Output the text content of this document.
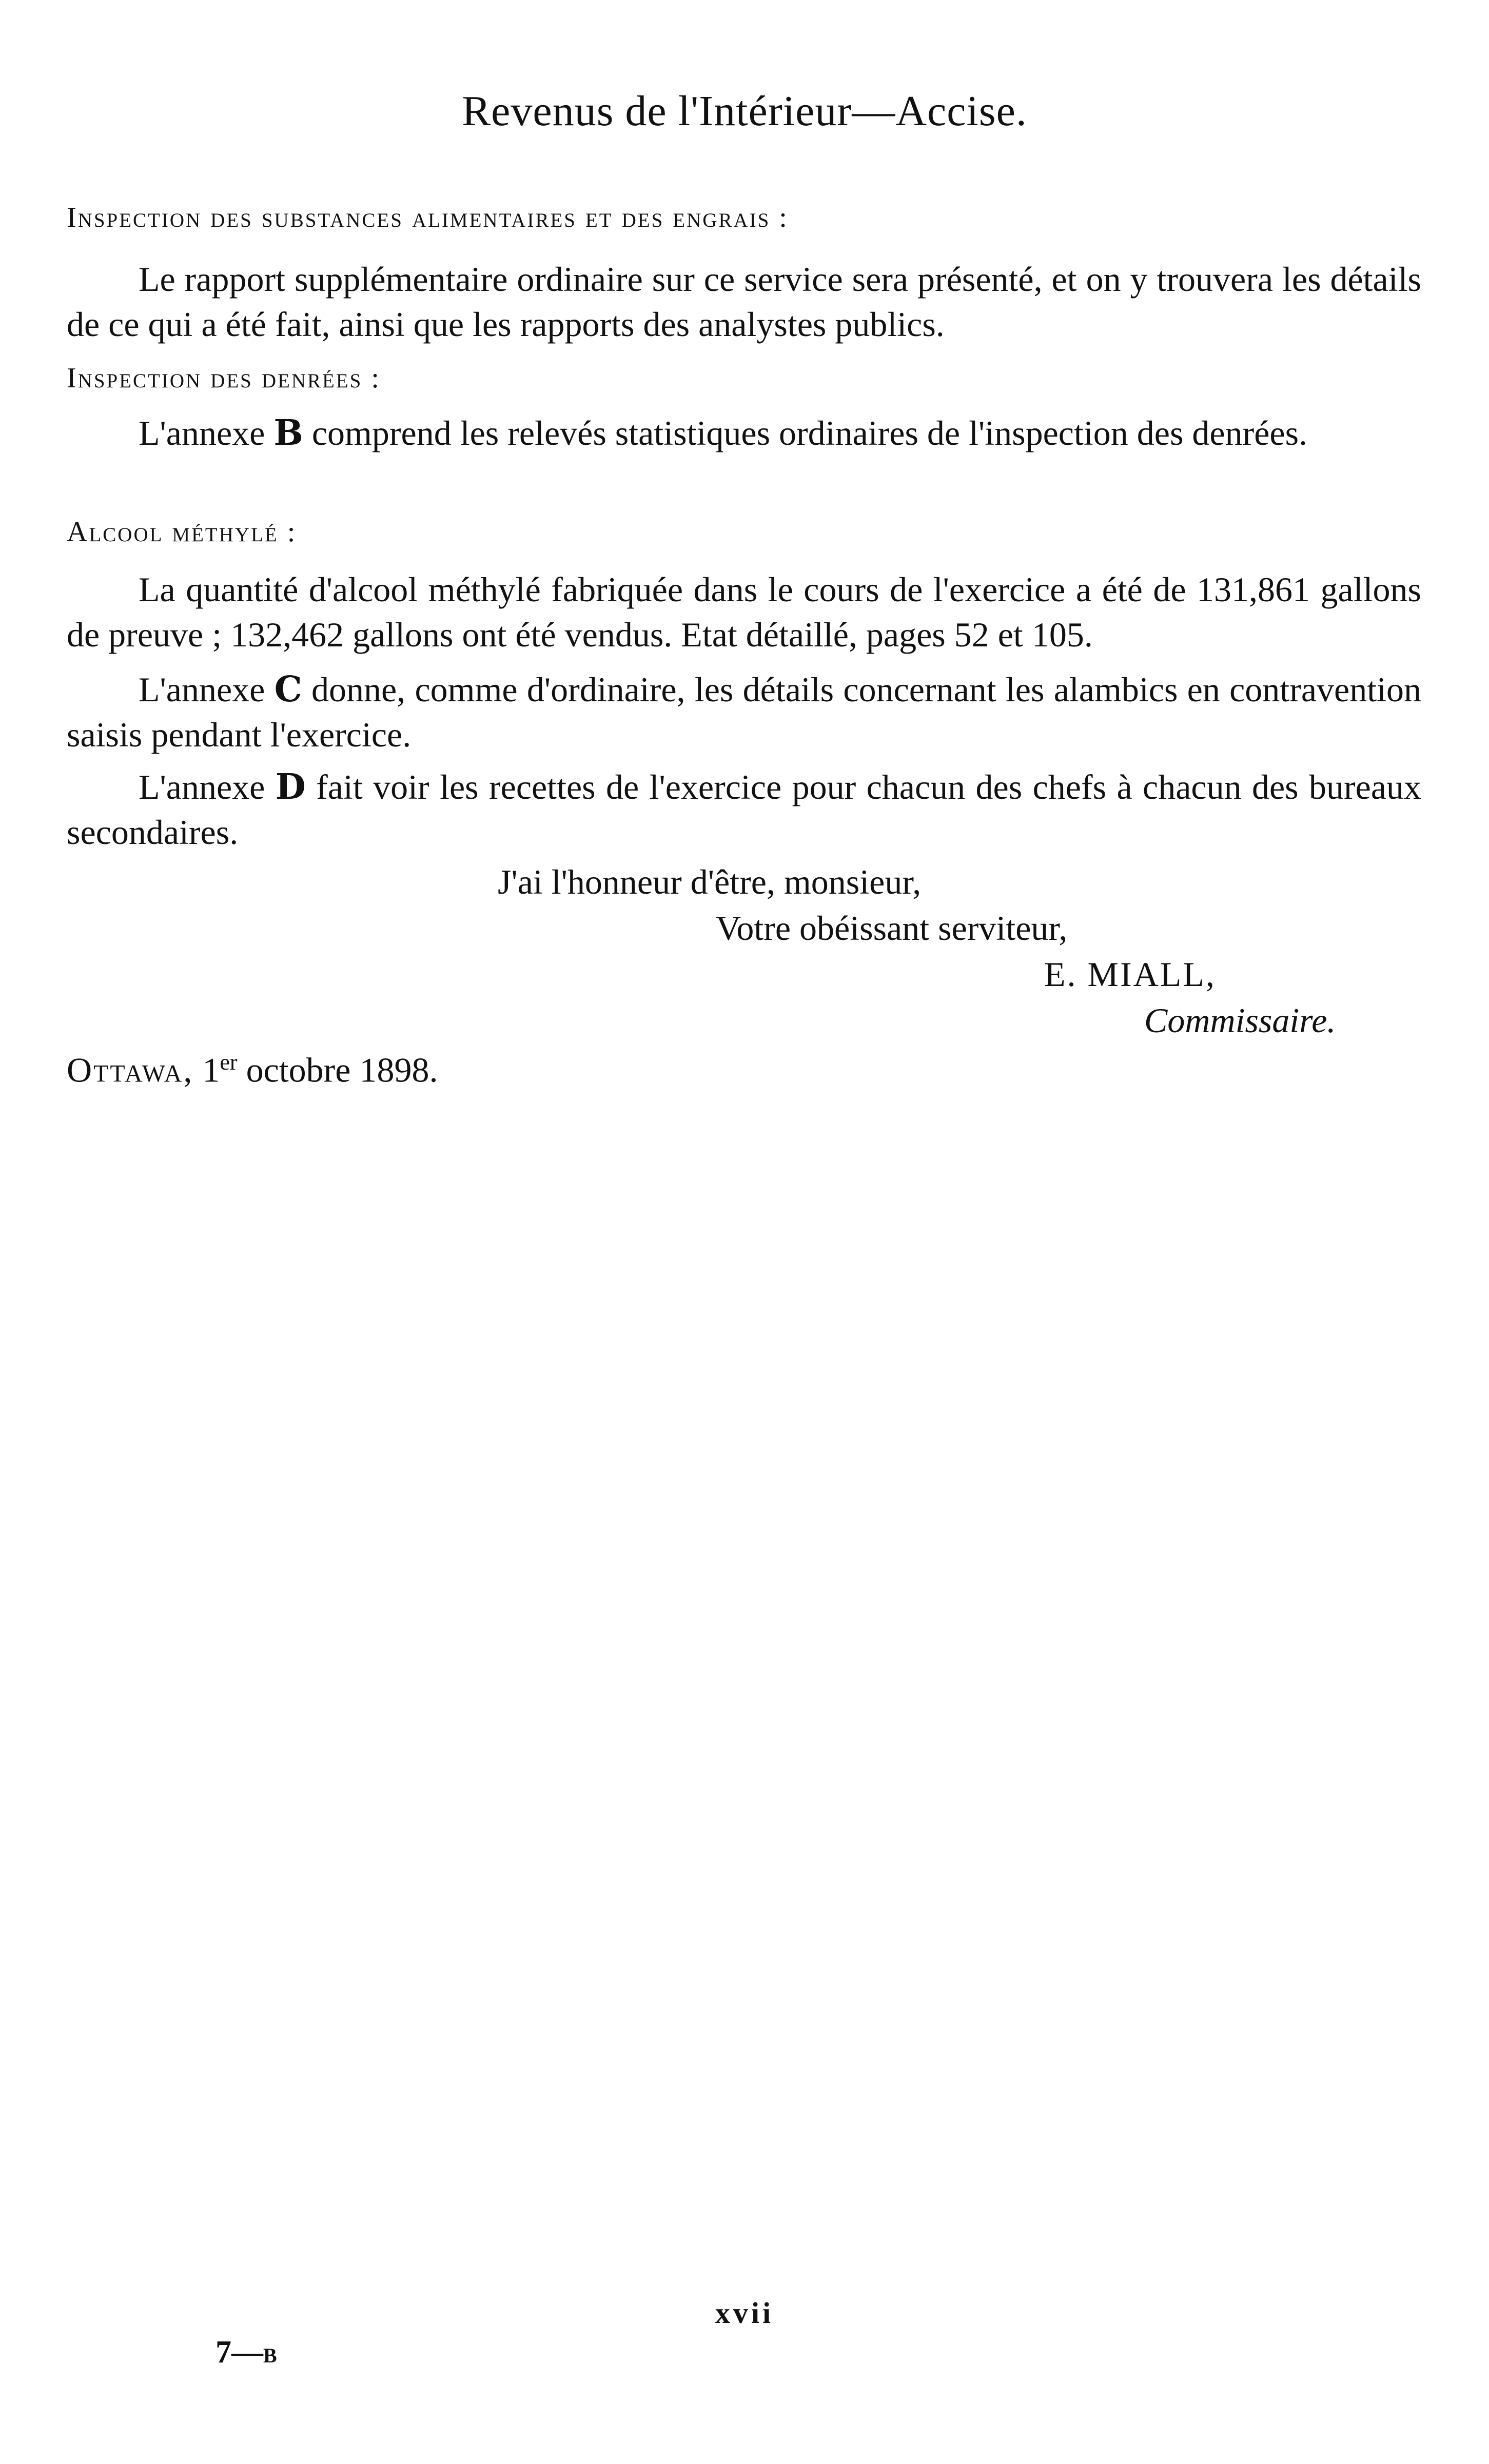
Revenus de l'Intérieur—Accise.
Inspection des substances alimentaires et des engrais :

Le rapport supplémentaire ordinaire sur ce service sera présenté, et on y trouvera les détails de ce qui a été fait, ainsi que les rapports des analystes publics.

Inspection des denrées :

L'annexe B comprend les relevés statistiques ordinaires de l'inspection des denrées.

Alcool méthylé :

La quantité d'alcool méthylé fabriquée dans le cours de l'exercice a été de 131,861 gallons de preuve ; 132,462 gallons ont été vendus. Etat détaillé, pages 52 et 105.

L'annexe C donne, comme d'ordinaire, les détails concernant les alambics en contravention saisis pendant l'exercice.

L'annexe D fait voir les recettes de l'exercice pour chacun des chefs à chacun des bureaux secondaires.

J'ai l'honneur d'être, monsieur,
Votre obéissant serviteur,
E. MIALL,
Commissaire.
Ottawa, 1er octobre 1898.
xvii
7—B
